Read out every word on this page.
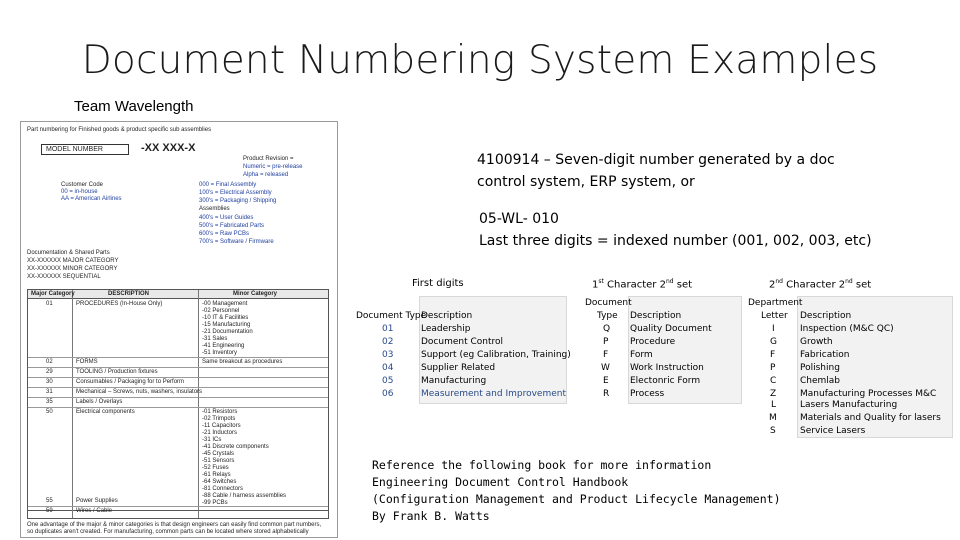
Document Numbering System Examples
Team Wavelength
Part numbering for Finished goods & product specific sub assemblies
MODEL NUMBER	-XX XXX-X
Product Revision =
Numeric = pre-release
Alpha = released
Customer Code
00 = in-house
AA = American Airlines
000 = Final Assembly
100's = Electrical Assembly
300's = Packaging / Shipping
Assemblies
400's = User Guides
500's = Fabricated Parts
600's = Raw PCBs
700's = Software / Firmware
Documentation & Shared Parts
XX-XXXXXX MAJOR CATEGORY
XX-XXXXXX MINOR CATEGORY
XX-XXXXXX SEQUENTIAL
Major Category	DESCRIPTION	Minor Category
01	PROCEDURES (In-House Only)	-00 Management
-02 Personnel
-10 IT & Facilities
-15 Manufacturing
-21 Documentation
-31 Sales
-41 Engineering
-51 Inventory
02	FORMS	Same breakout as procedures
29	TOOLING / Production fixtures
30	Consumables / Packaging for to Perform
31	Mechanical – Screws, nuts, washers, insulators
35	Labels / Overlays
50	Electrical components	-01 Resistors
-02 Trimpots
-11 Capacitors
-21 Inductors
-31 ICs
-41 Discrete components
-45 Crystals
-51 Sensors
-52 Fuses
-61 Relays
-64 Switches
-81 Connectors
-88 Cable / harness assemblies
-99 PCBs
55	Power Supplies
59	Wires / Cable
One advantage of the major & minor categories is that design engineers can easily find common part numbers,
so duplicates aren't created. For manufacturing, common parts can be located where stored alphabetically
4100914 – Seven-digit number generated by a doc
control system, ERP system, or
05-WL- 010
Last three digits = indexed number (001, 002, 003, etc)
First digits	1st Character 2nd set	2nd Character 2nd set
Document Type
Description
01	Leadership
02	Document Control
03	Support (eg Calibration, Training)
04	Supplier Related
05	Manufacturing
06	Measurement and Improvement
Document
Type Description
Q Quality Document
P Procedure
F Form
W Work Instruction
E Electonric Form
R Process
Department
Letter Description
I	Inspection (M&C QC)
G	Growth
F	Fabrication
P	Polishing
C	Chemlab
Z	Manufacturing Processes M&C
L	Lasers Manufacturing
M	Materials and Quality for lasers
S	Service Lasers
Reference the following book for more information
Engineering Document Control Handbook
(Configuration Management and Product Lifecycle Management)
By Frank B. Watts
